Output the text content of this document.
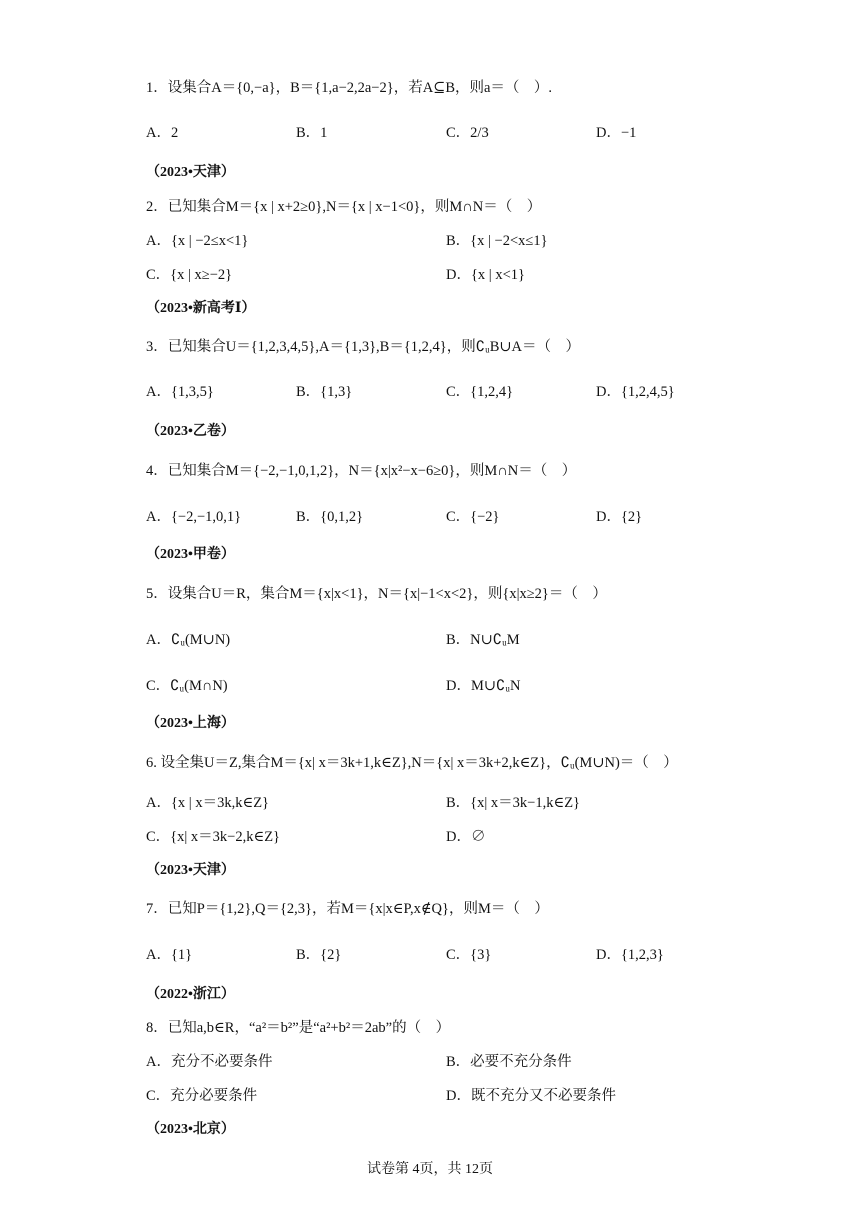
1．设集合A＝{0,−a}，B＝{1,a−2,2a−2}，若A⊆B，则a＝（　）.
A．2	B．1	C．2/3	D．−1
（2023•天津）
2．已知集合M＝{x | x+2≥0},N＝{x | x−1<0}，则M∩N＝（　）
A．{x | −2≤x<1}	B．{x | −2<x≤1}
C．{x | x≥−2}	D．{x | x<1}
（2023•新高考Ⅰ）
3．已知集合U＝{1,2,3,4,5},A＝{1,3},B＝{1,2,4}，则∁ᵤB∪A＝（　）
A．{1,3,5}	B．{1,3}	C．{1,2,4}	D．{1,2,4,5}
（2023•乙卷）
4．已知集合M＝{−2,−1,0,1,2}，N＝{x|x²−x−6≥0}，则M∩N＝（　）
A．{−2,−1,0,1}	B．{0,1,2}	C．{−2}	D．{2}
（2023•甲卷）
5．设集合U＝R，集合M＝{x|x<1}，N＝{x|−1<x<2}，则{x|x≥2}＝（　）
A．∁ᵤ(M∪N)	B．N∪∁ᵤM
C．∁ᵤ(M∩N)	D．M∪∁ᵤN
（2023•上海）
6. 设全集U＝Z,集合M＝{x| x＝3k+1,k∈Z},N＝{x| x＝3k+2,k∈Z}，∁ᵤ(M∪N)＝（　）
A．{x | x＝3k,k∈Z}	B．{x| x＝3k−1,k∈Z}
C．{x| x＝3k−2,k∈Z}	D．∅
（2023•天津）
7．已知P＝{1,2},Q＝{2,3}，若M＝{x|x∈P,x∉Q}，则M＝（　）
A．{1}	B．{2}	C．{3}	D．{1,2,3}
（2022•浙江）
8．已知a,b∈R，“a²＝b²”是“a²+b²＝2ab”的（　）
A．充分不必要条件	B．必要不充分条件
C．充分必要条件	D．既不充分又不必要条件
（2023•北京）
试卷第 4页，共 12页
